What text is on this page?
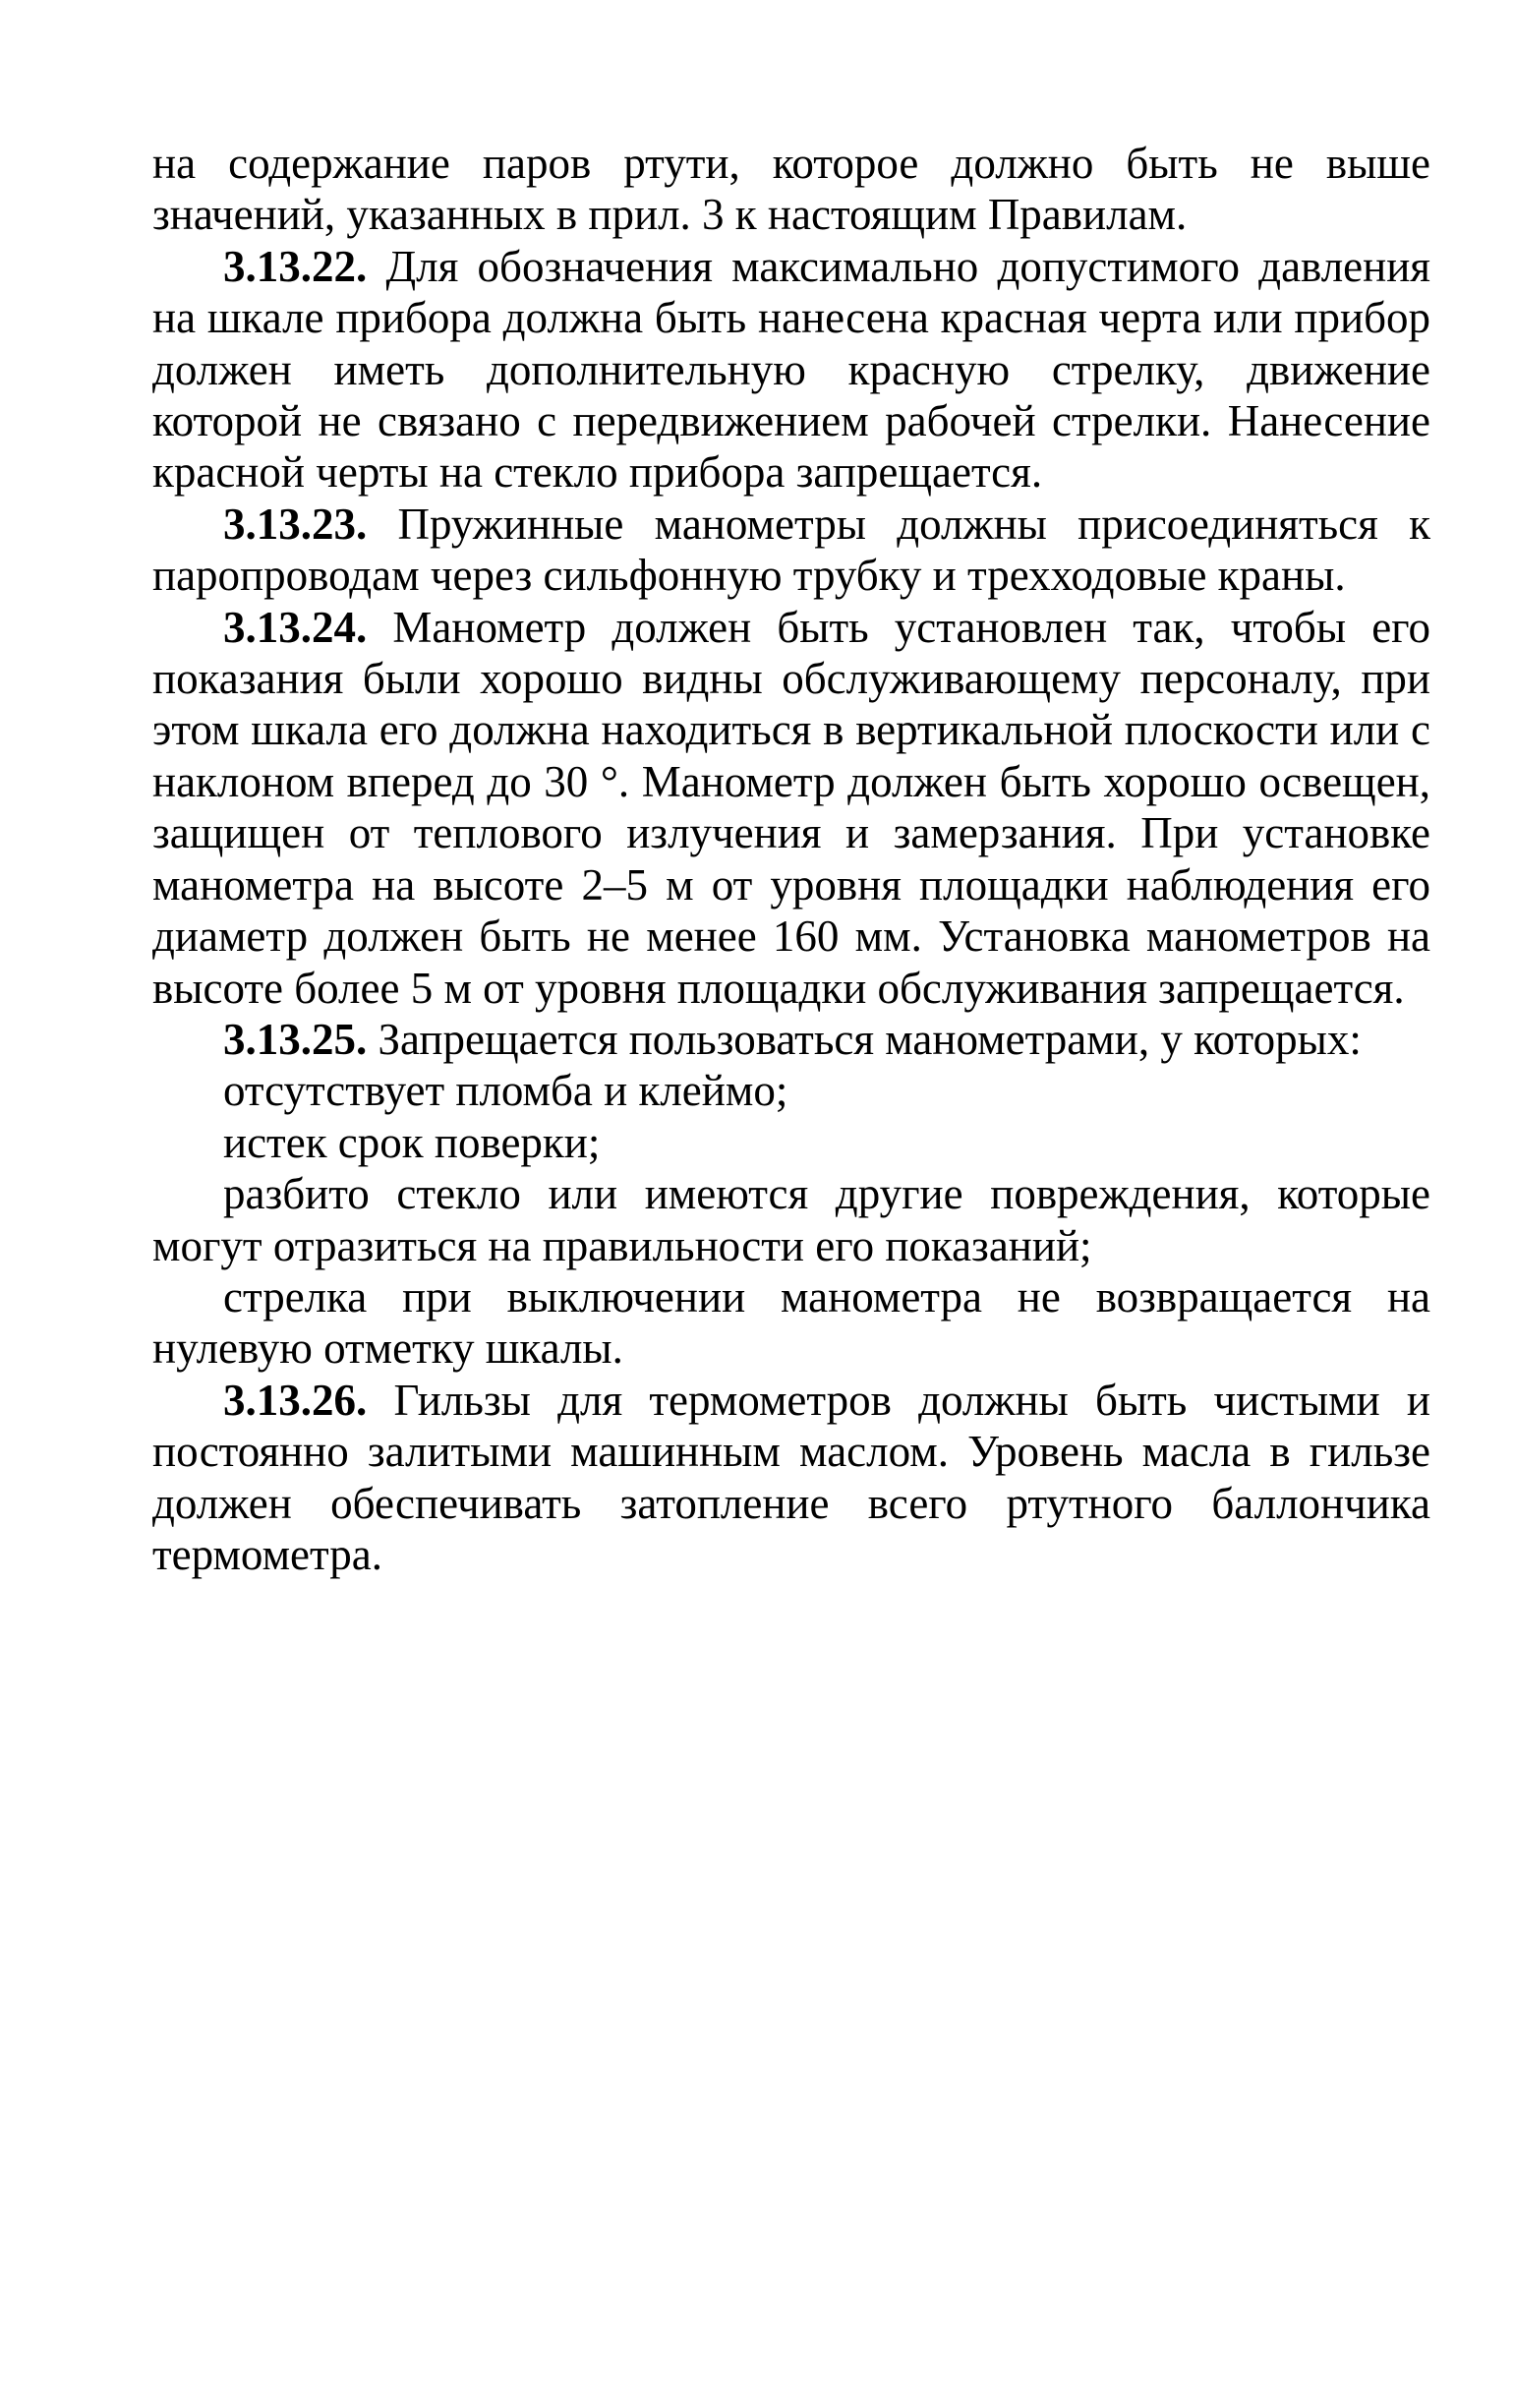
на содержание паров ртути, которое должно быть не выше значений, указанных в прил. 3 к настоящим Правилам.

3.13.22. Для обозначения максимально допустимого давления на шкале прибора должна быть нанесена красная черта или прибор должен иметь дополнительную красную стрелку, движение которой не связано с передвижением рабочей стрелки. Нанесение красной черты на стекло прибора запрещается.

3.13.23. Пружинные манометры должны присоединяться к паропроводам через сильфонную трубку и трехходовые краны.

3.13.24. Манометр должен быть установлен так, чтобы его показания были хорошо видны обслуживающему персоналу, при этом шкала его должна находиться в вертикальной плоскости или с наклоном вперед до 30 °. Манометр должен быть хорошо освещен, защищен от теплового излучения и замерзания. При установке манометра на высоте 2–5 м от уровня площадки наблюдения его диаметр должен быть не менее 160 мм. Установка манометров на высоте более 5 м от уровня площадки обслуживания запрещается.

3.13.25. Запрещается пользоваться манометрами, у которых:

отсутствует пломба и клеймо;

истек срок поверки;

разбито стекло или имеются другие повреждения, которые могут отразиться на правильности его показаний;

стрелка при выключении манометра не возвращается на нулевую отметку шкалы.

3.13.26. Гильзы для термометров должны быть чистыми и постоянно залитыми машинным маслом. Уровень масла в гильзе должен обеспечивать затопление всего ртутного баллончика термометра.
